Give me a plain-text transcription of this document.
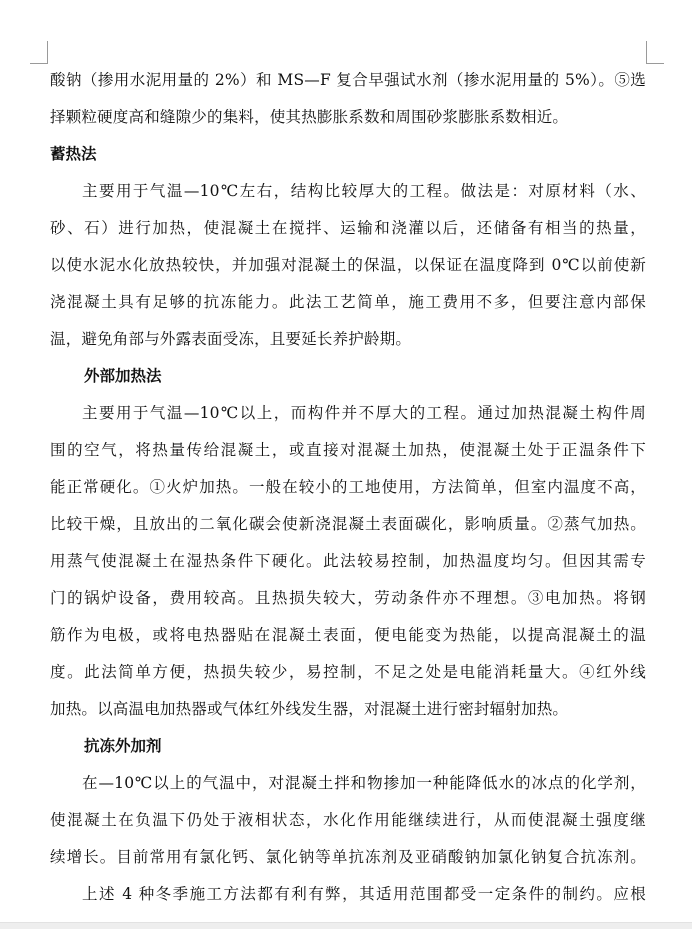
酸钠（掺用水泥用量的 2%）和 MS—F 复合早强试水剂（掺水泥用量的 5%）。⑤选
择颗粒硬度高和缝隙少的集料，使其热膨胀系数和周围砂浆膨胀系数相近。
蓄热法
主要用于气温—10℃左右，结构比较厚大的工程。做法是：对原材料（水、
砂、石）进行加热，使混凝土在搅拌、运输和浇灌以后，还储备有相当的热量，
以使水泥水化放热较快，并加强对混凝土的保温，以保证在温度降到 0℃以前使新
浇混凝土具有足够的抗冻能力。此法工艺简单，施工费用不多，但要注意内部保
温，避免角部与外露表面受冻，且要延长养护龄期。
外部加热法
主要用于气温—10℃以上，而构件并不厚大的工程。通过加热混凝土构件周
围的空气，将热量传给混凝土，或直接对混凝土加热，使混凝土处于正温条件下
能正常硬化。①火炉加热。一般在较小的工地使用，方法简单，但室内温度不高，
比较干燥，且放出的二氧化碳会使新浇混凝土表面碳化，影响质量。②蒸气加热。
用蒸气使混凝土在湿热条件下硬化。此法较易控制，加热温度均匀。但因其需专
门的锅炉设备，费用较高。且热损失较大，劳动条件亦不理想。③电加热。将钢
筋作为电极，或将电热器贴在混凝土表面，便电能变为热能，以提高混凝土的温
度。此法简单方便，热损失较少，易控制，不足之处是电能消耗量大。④红外线
加热。以高温电加热器或气体红外线发生器，对混凝土进行密封辐射加热。
抗冻外加剂
在—10℃以上的气温中，对混凝土拌和物掺加一种能降低水的冰点的化学剂，
使混凝土在负温下仍处于液相状态，水化作用能继续进行，从而使混凝土强度继
续增长。目前常用有氯化钙、氯化钠等单抗冻剂及亚硝酸钠加氯化钠复合抗冻剂。
上述 4 种冬季施工方法都有利有弊，其适用范围都受一定条件的制约。应根
